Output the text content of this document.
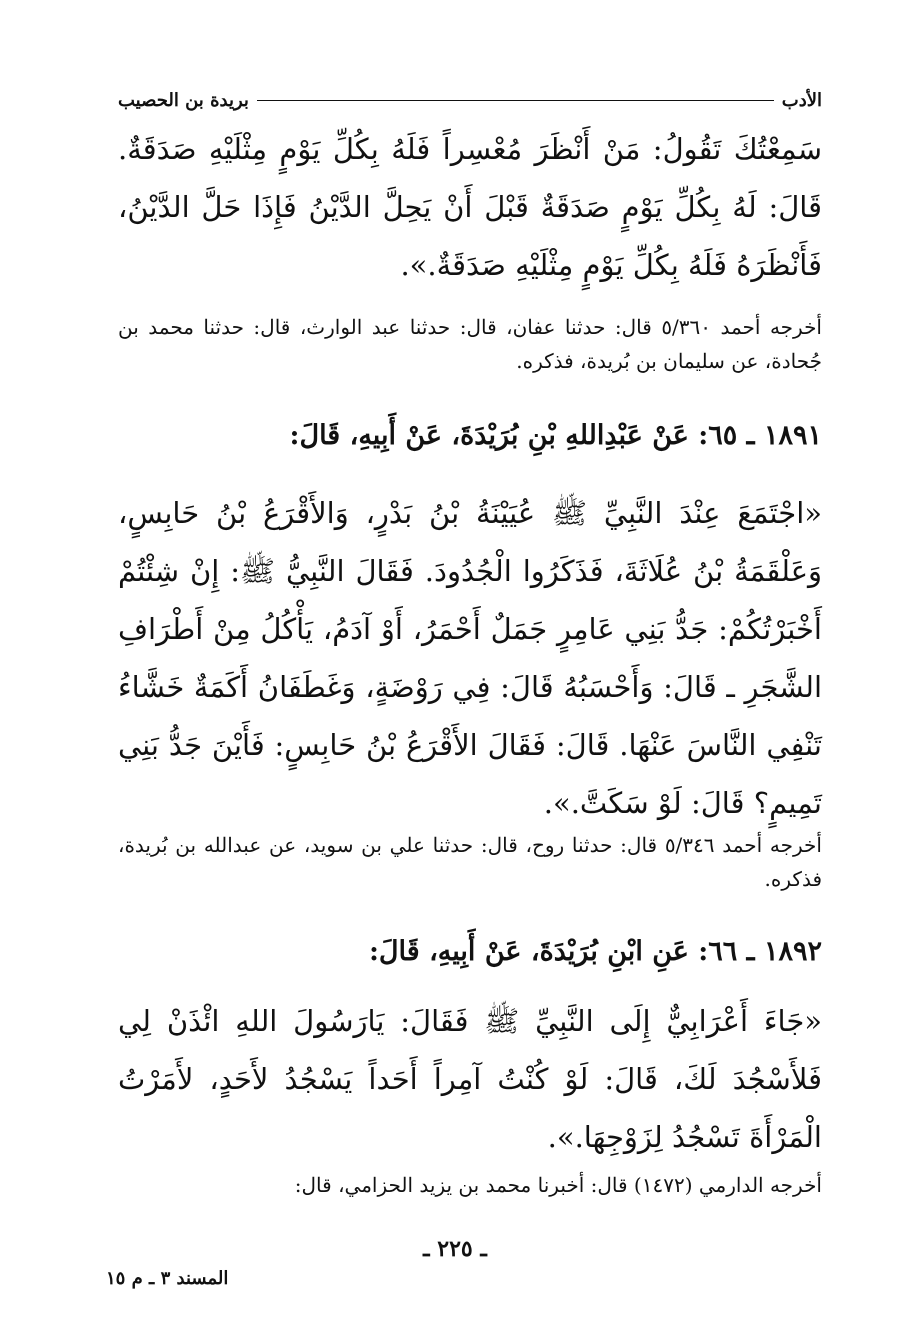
الأدب
بريدة بن الحصيب
سَمِعْتُكَ تَقُولُ: مَنْ أَنْظَرَ مُعْسِراً فَلَهُ بِكُلِّ يَوْمٍ مِثْلَيْهِ صَدَقَةٌ. قَالَ: لَهُ بِكُلِّ يَوْمٍ صَدَقَةٌ قَبْلَ أَنْ يَحِلَّ الدَّيْنُ فَإِذَا حَلَّ الدَّيْنُ، فَأَنْظَرَهُ فَلَهُ بِكُلِّ يَوْمٍ مِثْلَيْهِ صَدَقَةٌ.».
أخرجه أحمد ٥/٣٦٠ قال: حدثنا عفان، قال: حدثنا عبد الوارث، قال: حدثنا محمد بن جُحادة، عن سليمان بن بُريدة، فذكره.
١٨٩١ ـ ٦٥: عَنْ عَبْدِاللهِ بْنِ بُرَيْدَةَ، عَنْ أَبِيهِ، قَالَ:
«اجْتَمَعَ عِنْدَ النَّبِيِّ ﷺ عُيَيْنَةُ بْنُ بَدْرٍ، وَالأَقْرَعُ بْنُ حَابِسٍ، وَعَلْقَمَةُ بْنُ عُلَاثَةَ، فَذَكَرُوا الْجُدُودَ. فَقَالَ النَّبِيُّ ﷺ: إِنْ شِئْتُمْ أَخْبَرْتُكُمْ: جَدُّ بَنِي عَامِرٍ جَمَلٌ أَحْمَرُ، أَوْ آدَمُ، يَأْكُلُ مِنْ أَطْرَافِ الشَّجَرِ ـ قَالَ: وَأَحْسَبُهُ قَالَ: فِي رَوْضَةٍ، وَغَطَفَانُ أَكَمَةٌ خَشَّاءُ تَنْفِي النَّاسَ عَنْهَا. قَالَ: فَقَالَ الأَقْرَعُ بْنُ حَابِسٍ: فَأَيْنَ جَدُّ بَنِي تَمِيمٍ؟ قَالَ: لَوْ سَكَتَّ.».
أخرجه أحمد ٥/٣٤٦ قال: حدثنا روح، قال: حدثنا علي بن سويد، عن عبدالله بن بُريدة، فذكره.
١٨٩٢ ـ ٦٦: عَنِ ابْنِ بُرَيْدَةَ، عَنْ أَبِيهِ، قَالَ:
«جَاءَ أَعْرَابِيٌّ إِلَى النَّبِيِّ ﷺ فَقَالَ: يَارَسُولَ اللهِ ائْذَنْ لِي فَلأَسْجُدَ لَكَ، قَالَ: لَوْ كُنْتُ آمِراً أَحَداً يَسْجُدُ لأَحَدٍ، لأَمَرْتُ الْمَرْأَةَ تَسْجُدُ لِزَوْجِهَا.».
أخرجه الدارمي (١٤٧٢) قال: أخبرنا محمد بن يزيد الحزامي، قال:
ـ ٢٢٥ ـ
المسند ٣ ـ م ١٥
